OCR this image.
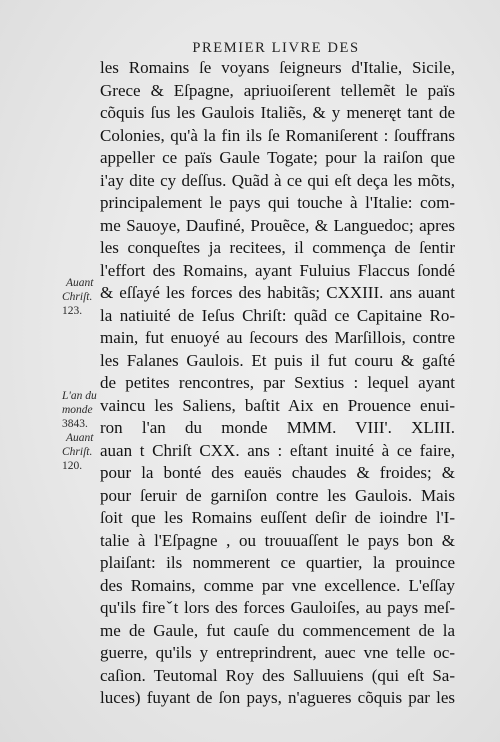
PREMIER LIVRE DES
les Romains ſe voyans ſeigneurs d'Italie, Sicile,
Grece & Eſpagne, apriuoiſerent tellemẽt le païs
cõquis ſus les Gaulois Italiẽs, & y meneręt tant de
Colonies, qu'à la fin ils ſe Romaniſerent : ſouffrans
appeller ce païs Gaule Togate; pour la raiſon que
i'ay dite cy deſſus. Quãd à ce qui eſt deça les mõts,
principalement le pays qui touche à l'Italie: com-
me Sauoye, Daufiné, Prouẽce, & Languedoc; apres
les conqueſtes ja recitees, il commença de ſentir
l'effort des Romains, ayant Fuluius Flaccus ſondé
& eſſayé les forces des habitãs; CXXIII. ans auant
la natiuité de Ieſus Chriſt: quãd ce Capitaine Ro-
main, fut enuoyé au ſecours des Marſillois, contre
les Falanes Gaulois. Et puis il fut couru & gaſté
de petites rencontres, par Sextius : lequel ayant
vaincu les Saliens, baſtit Aix en Prouence enui-
ron l'an du monde MMM. VIII'. XLIII.
auan t Chriſt CXX. ans : eſtant inuité à ce faire,
pour la bonté des eauës chaudes & froides; &
pour ſeruir de garniſon contre les Gaulois. Mais
ſoit que les Romains euſſent deſir de ioindre l'I-
talie à l'Eſpagne , ou trouuaſſent le pays bon &
plaiſant: ils nommerent ce quartier, la prouince
des Romains, comme par vne excellence. L'eſſay
qu'ils fireˇt lors des forces Gauloiſes, au pays meſ-
me de Gaule, fut cauſe du commencement de la
guerre, qu'ils y entreprindrent, auec vne telle oc-
caſion. Teutomal Roy des Salluuiens (qui eſt Sa-
luces) fuyant de ſon pays, n'agueres cõquis par les
Auant
Chriſt.
123.
L'an du
monde
3843.
Auant
Chriſt.
120.
